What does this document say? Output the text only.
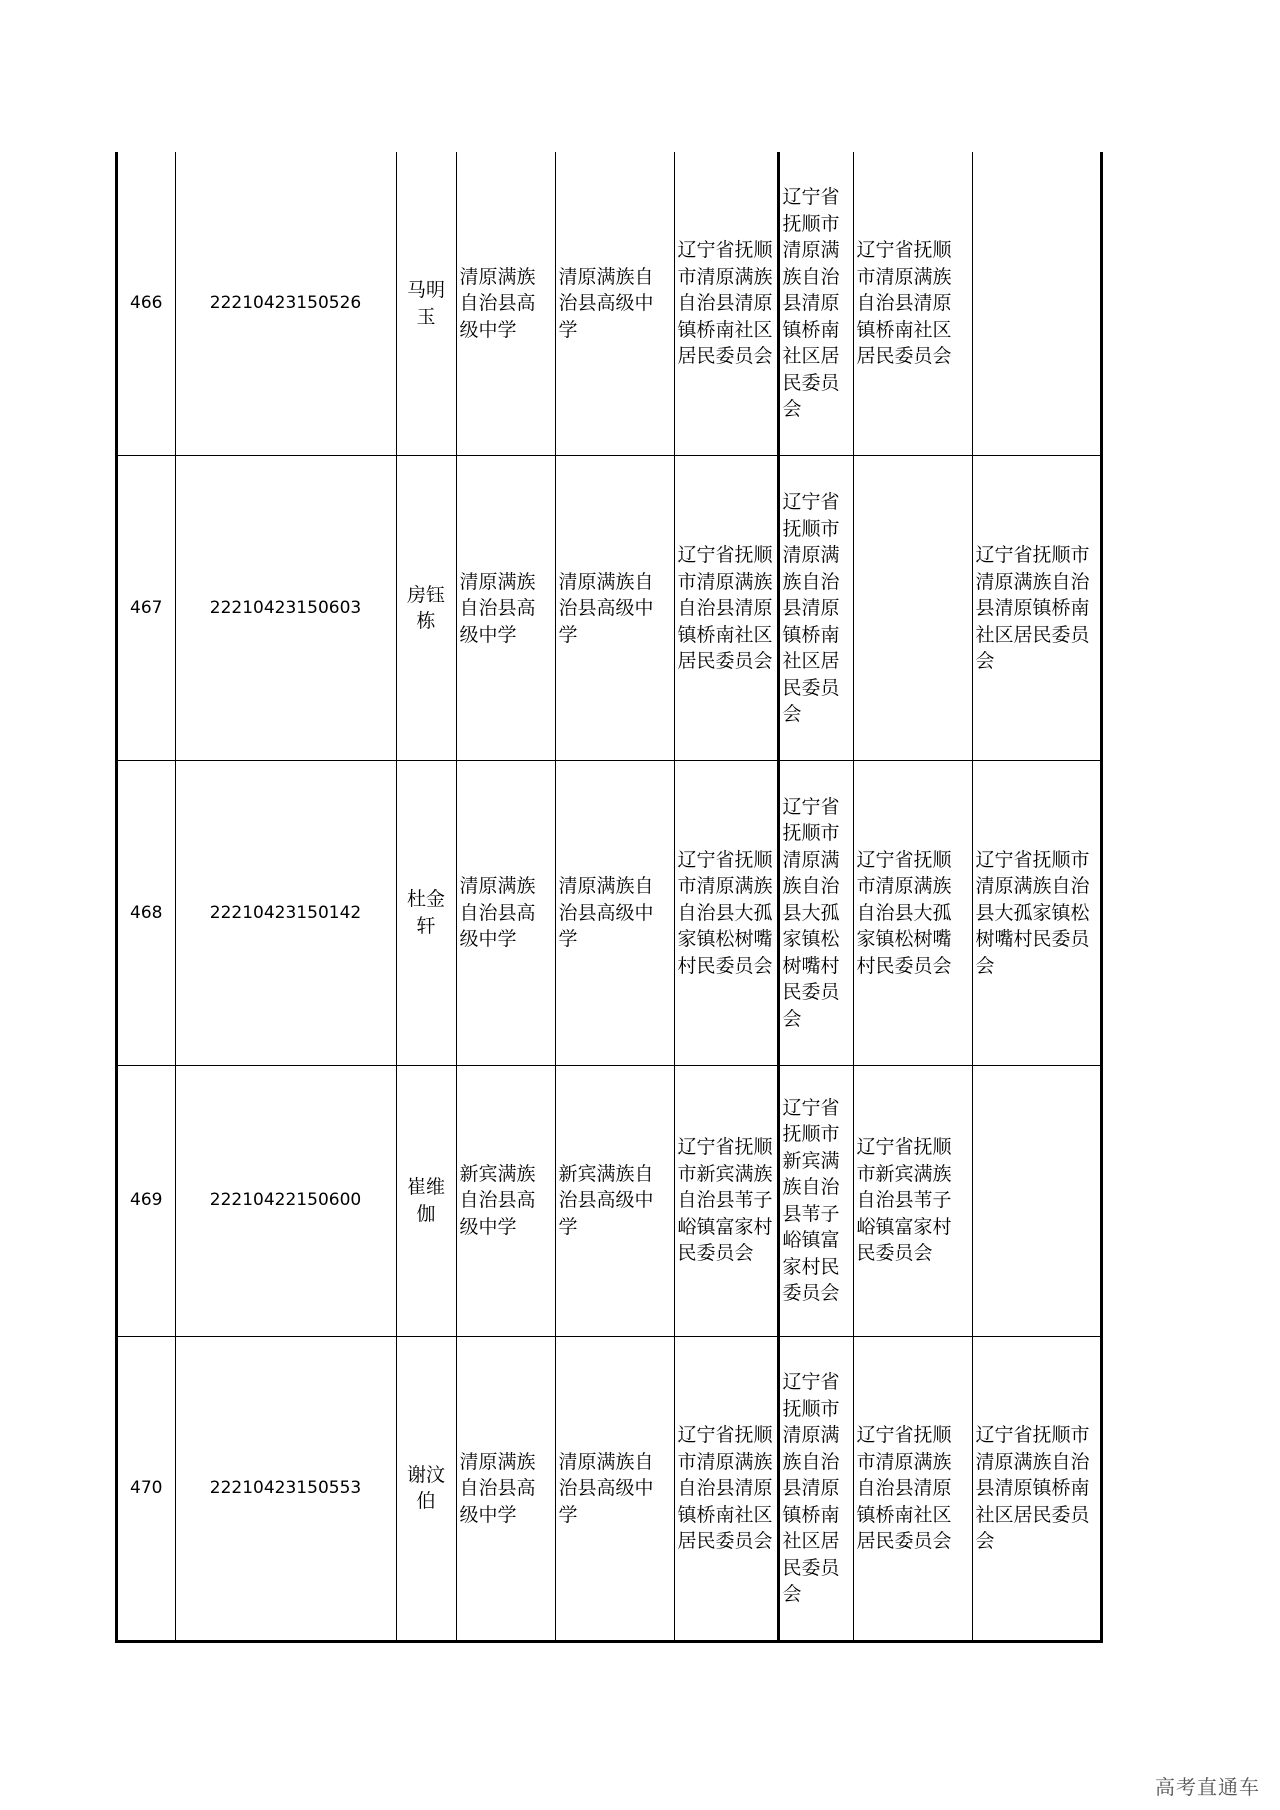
466	22210423150526	马明玉	清原满族自治县高级中学	清原满族自治县高级中学	辽宁省抚顺市清原满族自治县清原镇桥南社区居民委员会	辽宁省抚顺市清原满族自治县清原镇桥南社区居民委员会	辽宁省抚顺市清原满族自治县清原镇桥南社区居民委员会	
467	22210423150603	房钰栋	清原满族自治县高级中学	清原满族自治县高级中学	辽宁省抚顺市清原满族自治县清原镇桥南社区居民委员会	辽宁省抚顺市清原满族自治县清原镇桥南社区居民委员会		辽宁省抚顺市清原满族自治县清原镇桥南社区居民委员会
468	22210423150142	杜金轩	清原满族自治县高级中学	清原满族自治县高级中学	辽宁省抚顺市清原满族自治县大孤家镇松树嘴村民委员会	辽宁省抚顺市清原满族自治县大孤家镇松树嘴村民委员会	辽宁省抚顺市清原满族自治县大孤家镇松树嘴村民委员会	辽宁省抚顺市清原满族自治县大孤家镇松树嘴村民委员会
469	22210422150600	崔维伽	新宾满族自治县高级中学	新宾满族自治县高级中学	辽宁省抚顺市新宾满族自治县苇子峪镇富家村民委员会	辽宁省抚顺市新宾满族自治县苇子峪镇富家村民委员会	辽宁省抚顺市新宾满族自治县苇子峪镇富家村民委员会	
470	22210423150553	谢汶伯	清原满族自治县高级中学	清原满族自治县高级中学	辽宁省抚顺市清原满族自治县清原镇桥南社区居民委员会	辽宁省抚顺市清原满族自治县清原镇桥南社区居民委员会	辽宁省抚顺市清原满族自治县清原镇桥南社区居民委员会	辽宁省抚顺市清原满族自治县清原镇桥南社区居民委员会
高考直通车
